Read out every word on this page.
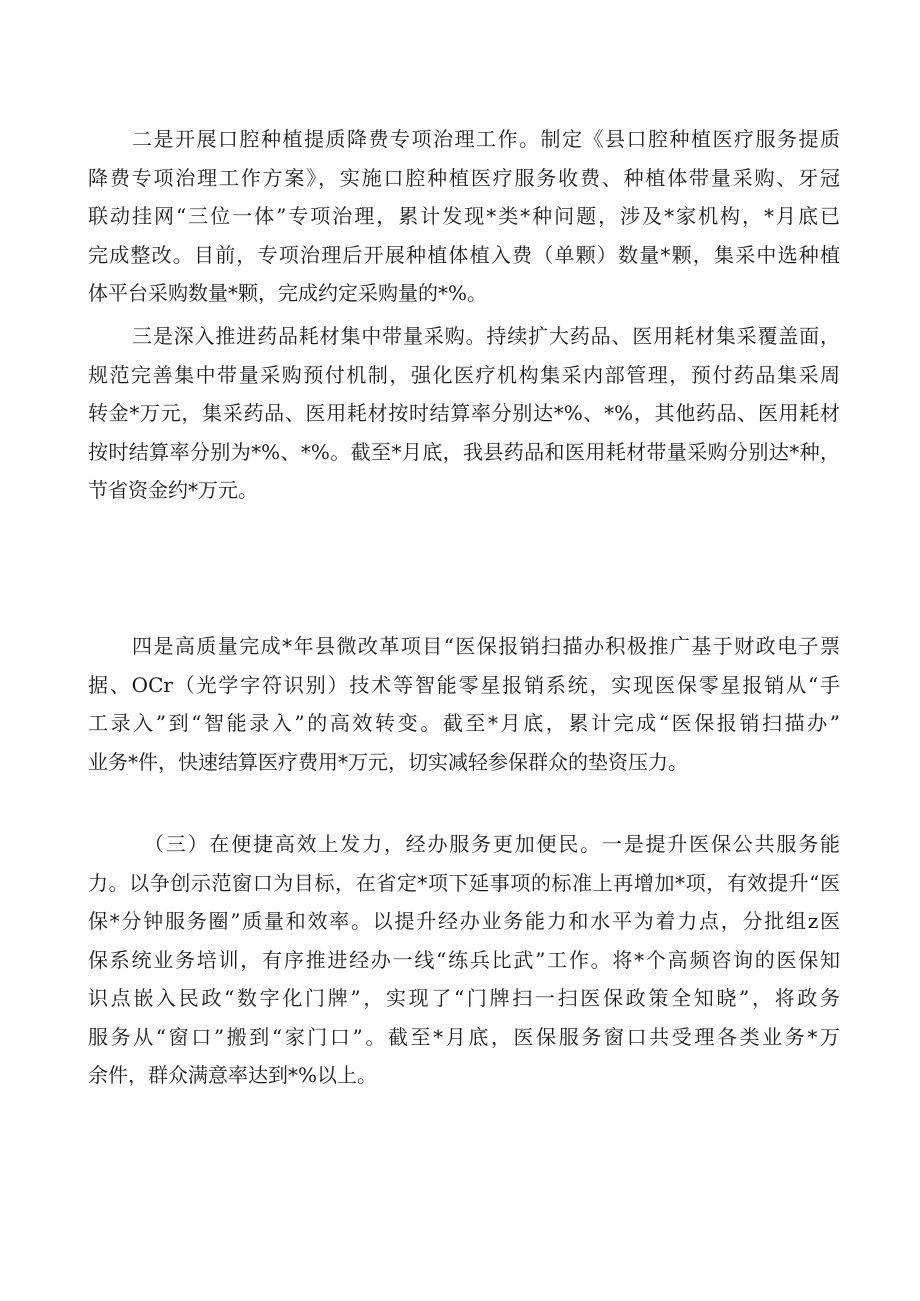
二是开展口腔种植提质降费专项治理工作。制定《县口腔种植医疗服务提质
降费专项治理工作方案》，实施口腔种植医疗服务收费、种植体带量采购、牙冠
联动挂网“三位一体”专项治理，累计发现*类*种问题，涉及*家机构，*月底已
完成整改。目前，专项治理后开展种植体植入费（单颗）数量*颗，集采中选种植
体平台采购数量*颗，完成约定采购量的*%。
三是深入推进药品耗材集中带量采购。持续扩大药品、医用耗材集采覆盖面，
规范完善集中带量采购预付机制，强化医疗机构集采内部管理，预付药品集采周
转金*万元，集采药品、医用耗材按时结算率分别达*%、*%，其他药品、医用耗材
按时结算率分别为*%、*%。截至*月底，我县药品和医用耗材带量采购分别达*种，
节省资金约*万元。
四是高质量完成*年县微改革项目“医保报销扫描办积极推广基于财政电子票
据、OCr（光学字符识别）技术等智能零星报销系统，实现医保零星报销从“手
工录入”到“智能录入”的高效转变。截至*月底，累计完成“医保报销扫描办”
业务*件，快速结算医疗费用*万元，切实减轻参保群众的垫资压力。
（三）在便捷高效上发力，经办服务更加便民。一是提升医保公共服务能
力。以争创示范窗口为目标，在省定*项下延事项的标准上再增加*项，有效提升“医
保*分钟服务圈”质量和效率。以提升经办业务能力和水平为着力点，分批组z医
保系统业务培训，有序推进经办一线“练兵比武”工作。将*个高频咨询的医保知
识点嵌入民政“数字化门牌”，实现了“门牌扫一扫医保政策全知晓”，将政务
服务从“窗口”搬到“家门口”。截至*月底，医保服务窗口共受理各类业务*万
余件，群众满意率达到*%以上。
